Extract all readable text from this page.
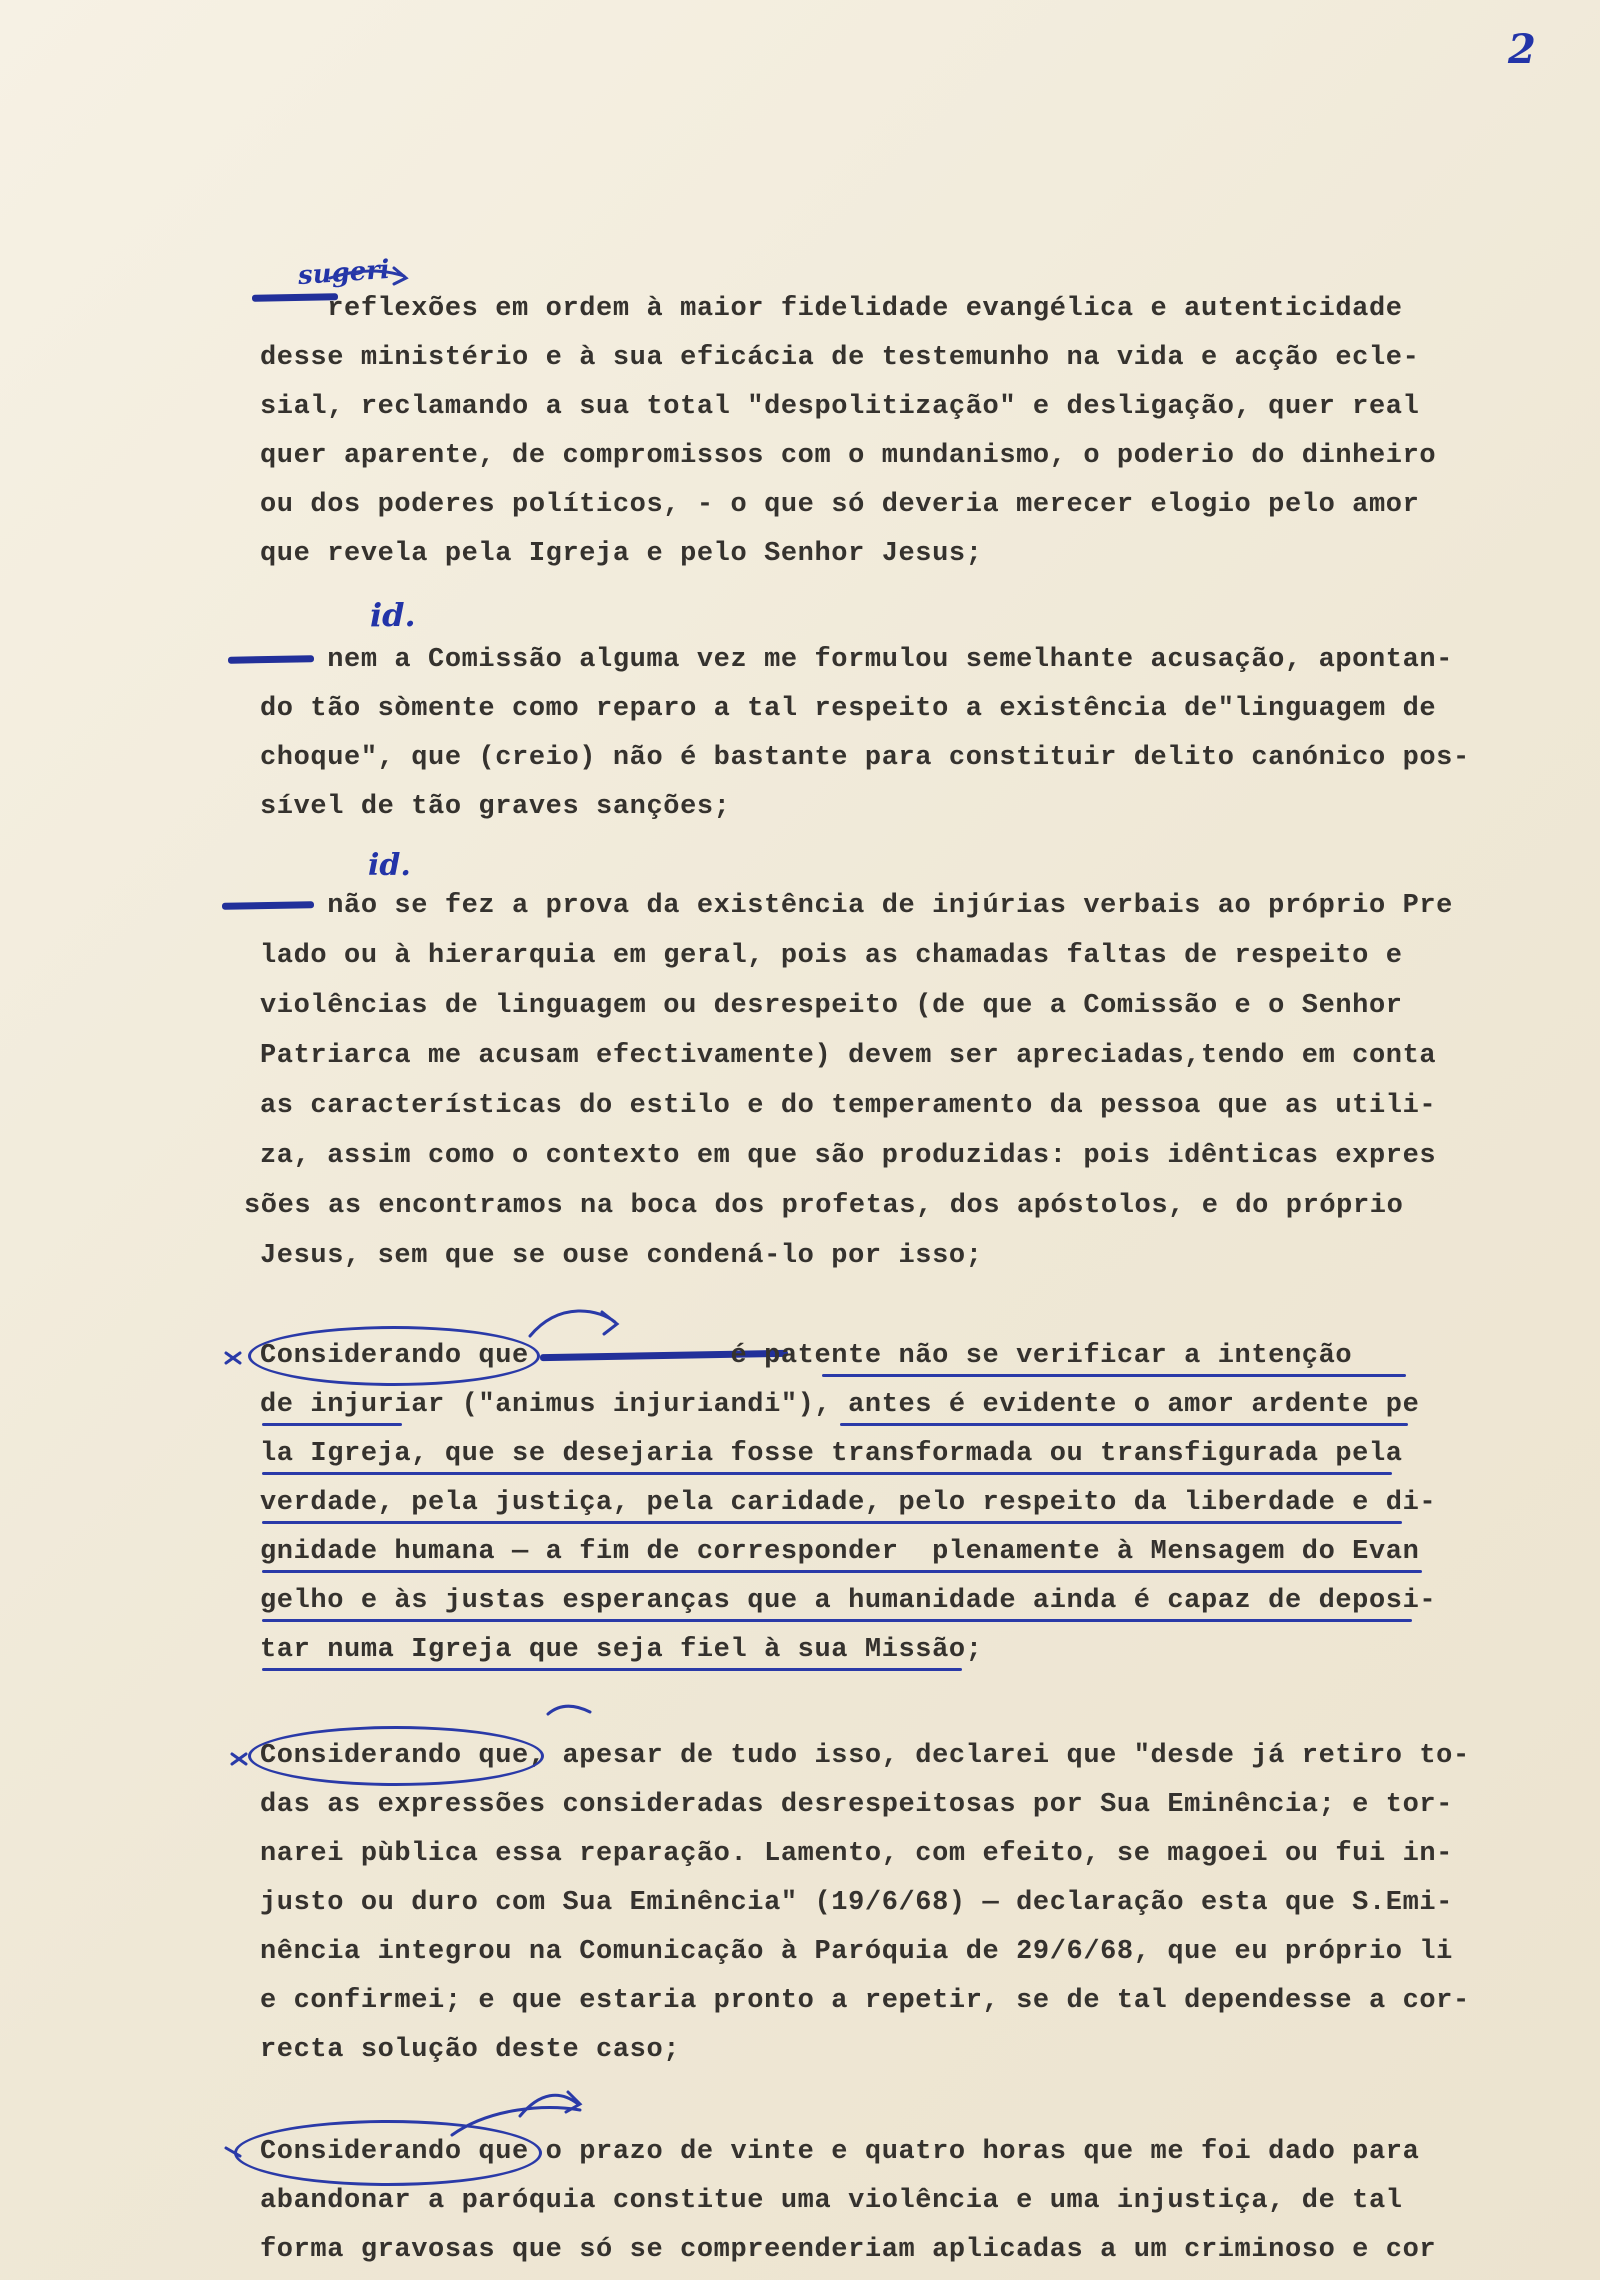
2
sugeri
id.
id.
reflexões em ordem à maior fidelidade evangélica e autenticidade
desse ministério e à sua eficácia de testemunho na vida e acção ecle-
sial, reclamando a sua total "despolitização" e desligação, quer real
quer aparente, de compromissos com o mundanismo, o poderio do dinheiro
ou dos poderes políticos, - o que só deveria merecer elogio pelo amor
que revela pela Igreja e pelo Senhor Jesus;
nem a Comissão alguma vez me formulou semelhante acusação, apontan-
do tão sòmente como reparo a tal respeito a existência de"linguagem de
choque", que (creio) não é bastante para constituir delito canónico pos-
sível de tão graves sanções;
não se fez a prova da existência de injúrias verbais ao próprio Pre
lado ou à hierarquia em geral, pois as chamadas faltas de respeito e
violências de linguagem ou desrespeito (de que a Comissão e o Senhor
Patriarca me acusam efectivamente) devem ser apreciadas,tendo em conta
as características do estilo e do temperamento da pessoa que as utili-
za, assim como o contexto em que são produzidas: pois idênticas expres
sões as encontramos na boca dos profetas, dos apóstolos, e do próprio
Jesus, sem que se ouse condená-lo por isso;
Considerando que            é patente não se verificar a intenção
de injuriar ("animus injuriandi"), antes é evidente o amor ardente pe
la Igreja, que se desejaria fosse transformada ou transfigurada pela
verdade, pela justiça, pela caridade, pelo respeito da liberdade e di-
gnidade humana — a fim de corresponder  plenamente à Mensagem do Evan
gelho e às justas esperanças que a humanidade ainda é capaz de deposi-
tar numa Igreja que seja fiel à sua Missão;
Considerando que, apesar de tudo isso, declarei que "desde já retiro to-
das as expressões consideradas desrespeitosas por Sua Eminência; e tor-
narei pùblica essa reparação. Lamento, com efeito, se magoei ou fui in-
justo ou duro com Sua Eminência" (19/6/68) — declaração esta que S.Emi-
nência integrou na Comunicação à Paróquia de 29/6/68, que eu próprio li
e confirmei; e que estaria pronto a repetir, se de tal dependesse a cor-
recta solução deste caso;
Considerando que o prazo de vinte e quatro horas que me foi dado para
abandonar a paróquia constitue uma violência e uma injustiça, de tal
forma gravosas que só se compreenderiam aplicadas a um criminoso e cor
